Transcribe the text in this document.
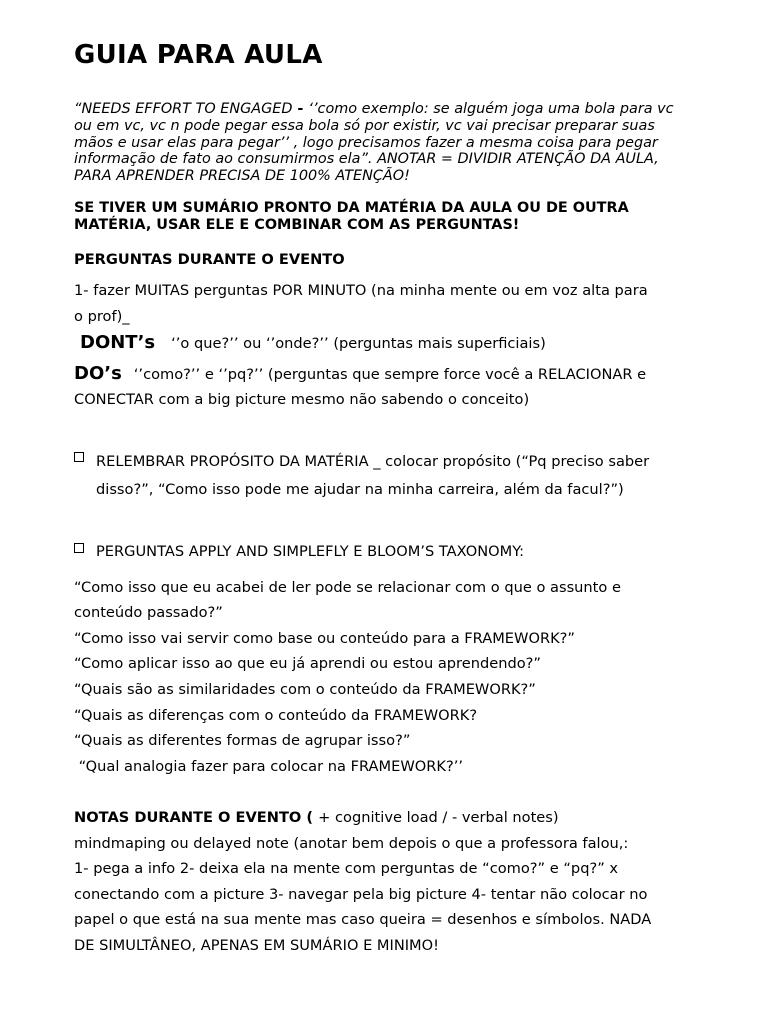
GUIA PARA AULA
“NEEDS EFFORT TO ENGAGED - ‘’como exemplo: se alguém joga uma bola para vc ou em vc, vc n pode pegar essa bola só por existir, vc vai precisar preparar suas mãos e usar elas para pegar’’ , logo precisamos fazer a mesma coisa para pegar informação de fato ao consumirmos ela”. ANOTAR = DIVIDIR ATENÇÃO DA AULA, PARA APRENDER PRECISA DE 100% ATENÇÃO!
SE TIVER UM SUMÁRIO PRONTO DA MATÉRIA DA AULA OU DE OUTRA MATÉRIA, USAR ELE E COMBINAR COM AS PERGUNTAS!
PERGUNTAS DURANTE O EVENTO
1- fazer MUITAS perguntas POR MINUTO (na minha mente ou em voz alta para
o prof)_
DONT’s ‘’o que?’’ ou ‘’onde?’’ (perguntas mais superficiais)
DO’s ‘’como?’’ e ‘’pq?’’ (perguntas que sempre force você a RELACIONAR e
CONECTAR com a big picture mesmo não sabendo o conceito)
RELEMBRAR PROPÓSITO DA MATÉRIA _ colocar propósito (“Pq preciso saber
disso?”, “Como isso pode me ajudar na minha carreira, além da facul?”)
PERGUNTAS APPLY AND SIMPLEFLY E BLOOM’S TAXONOMY:
“Como isso que eu acabei de ler pode se relacionar com o que o assunto e
conteúdo passado?”
“Como isso vai servir como base ou conteúdo para a FRAMEWORK?”
“Como aplicar isso ao que eu já aprendi ou estou aprendendo?”
“Quais são as similaridades com o conteúdo da FRAMEWORK?”
“Quais as diferenças com o conteúdo da FRAMEWORK?
“Quais as diferentes formas de agrupar isso?”
“Qual analogia fazer para colocar na FRAMEWORK?’’
NOTAS DURANTE O EVENTO ( + cognitive load / - verbal notes)
mindmaping ou delayed note (anotar bem depois o que a professora falou,:
1- pega a info 2- deixa ela na mente com perguntas de “como?” e “pq?” x
conectando com a picture 3- navegar pela big picture 4- tentar não colocar no
papel o que está na sua mente mas caso queira = desenhos e símbolos. NADA
DE SIMULTÂNEO, APENAS EM SUMÁRIO E MINIMO!
